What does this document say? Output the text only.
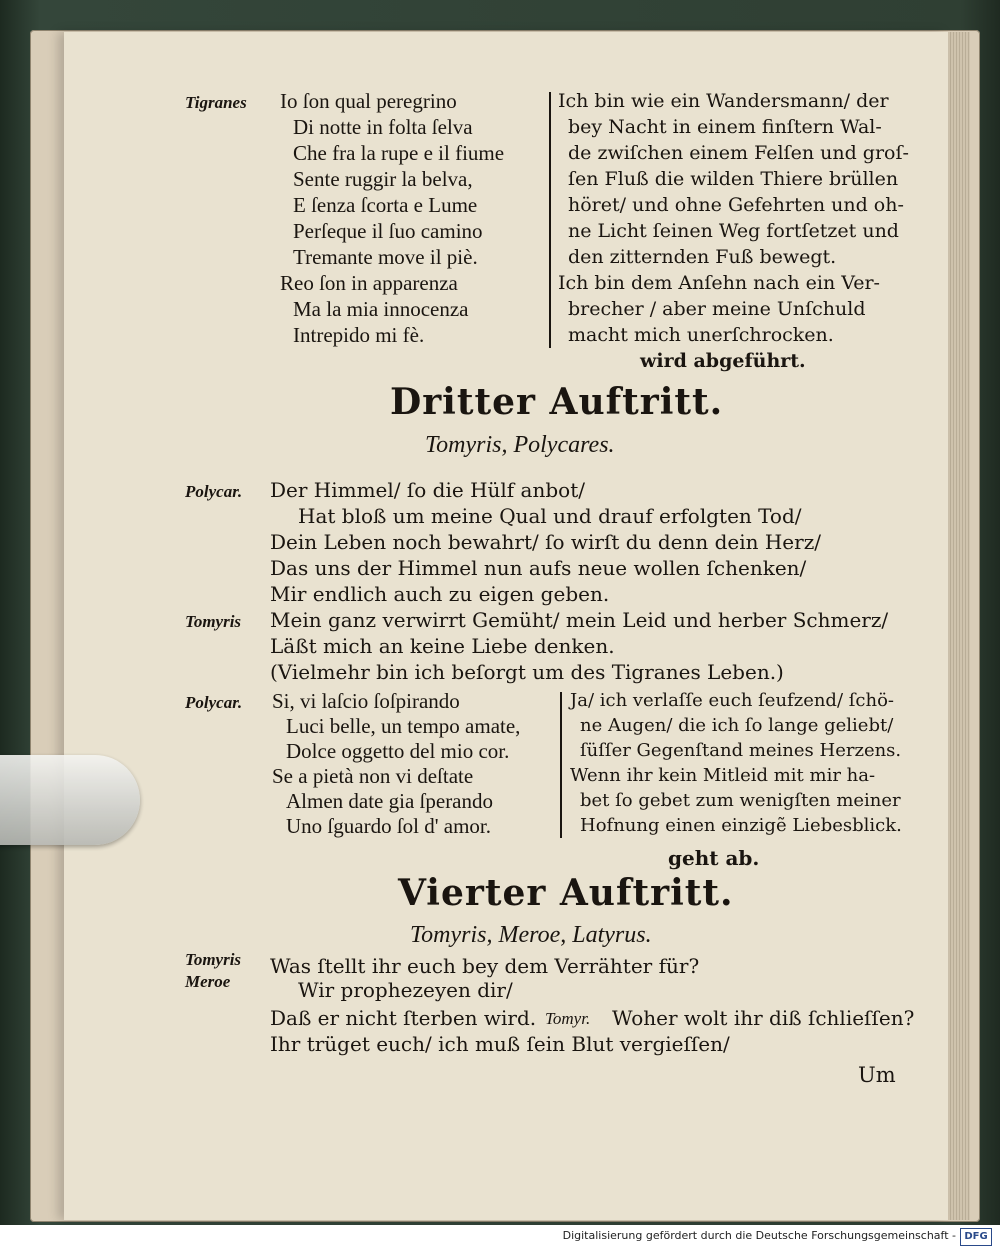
Tigranes Io ſon qual peregrino
Di notte in folta ſelva
Che fra la rupe e il fiume
Sente ruggir la belva,
E ſenza ſcorta e Lume
Perſeque il ſuo camino
Tremante move il piè.
Reo ſon in apparenza
Ma la mia innocenza
Intrepido mi fè.
Ich bin wie ein Wandersmann/ der
bey Nacht in einem finſtern Wal-
de zwiſchen einem Felſen und groſ-
ſen Fluß die wilden Thiere brüllen
höret/ und ohne Gefehrten und oh-
ne Licht ſeinen Weg fortſetzet und
den zitternden Fuß bewegt.
Ich bin dem Anſehn nach ein Ver-
brecher / aber meine Unſchuld
macht mich unerſchrocken.
wird abgeführt.
Dritter Auftritt.
Tomyris, Polycares.
Polycar. Der Himmel/ ſo die Hülf anbot/
Hat bloß um meine Qual und drauf erfolgten Tod/
Dein Leben noch bewahrt/ ſo wirſt du denn dein Herz/
Das uns der Himmel nun aufs neue wollen ſchenken/
Mir endlich auch zu eigen geben.
Tomyris Mein ganz verwirrt Gemüht/ mein Leid und herber Schmerz/
Läßt mich an keine Liebe denken.
(Vielmehr bin ich beſorgt um des Tigranes Leben.)
Polycar. Si, vi laſcio ſoſpirando
Luci belle, un tempo amate,
Dolce oggetto del mio cor.
Se a pietà non vi deſtate
Almen date gia ſperando
Uno ſguardo ſol d' amor.
Ja/ ich verlaſſe euch ſeufzend/ ſchö-
ne Augen/ die ich ſo lange geliebt/
ſüſſer Gegenſtand meines Herzens.
Wenn ihr kein Mitleid mit mir ha-
bet ſo gebet zum wenigſten meiner
Hofnung einen einzigẽ Liebesblick.
geht ab.
Vierter Auftritt.
Tomyris, Meroe, Latyrus.
Tomyris
Meroe
Was ſtellt ihr euch bey dem Verrähter für?
Wir prophezeyen dir/
Daß er nicht ſterben wird. Tomyr. Woher wolt ihr diß ſchlieſſen?
Ihr trüget euch/ ich muß ſein Blut vergieſſen/
Um
Digitalisierung gefördert durch die Deutsche Forschungsgemeinschaft - DFG
